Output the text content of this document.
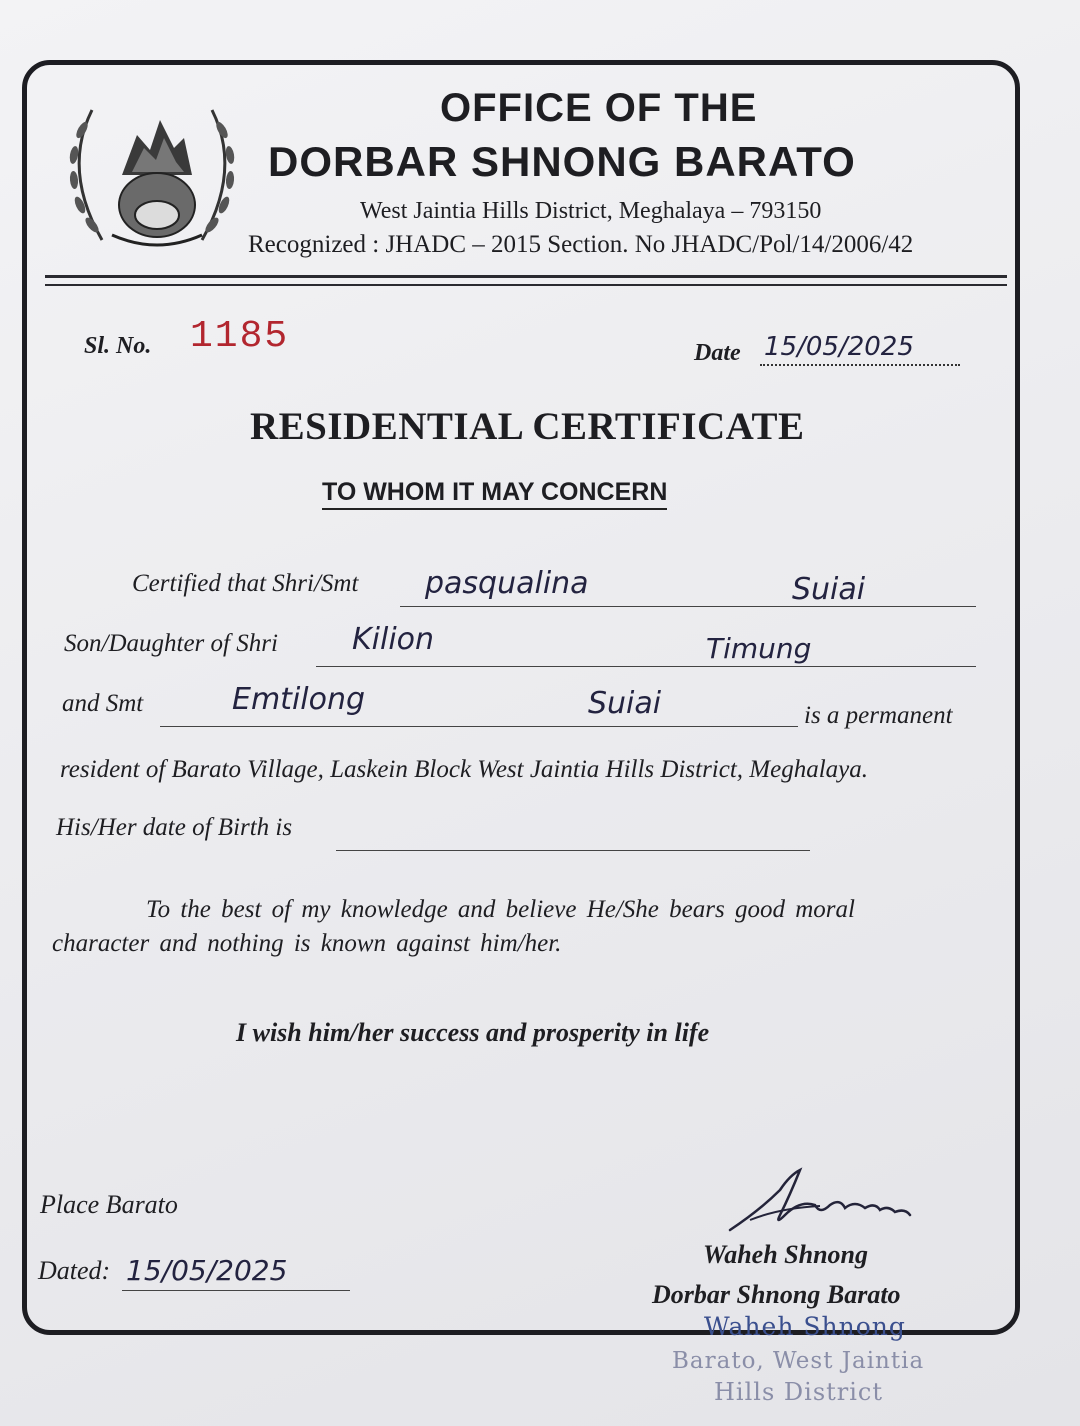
OFFICE OF THE
DORBAR SHNONG BARATO
West Jaintia Hills District, Meghalaya – 793150
Recognized : JHADC – 2015 Section. No JHADC/Pol/14/2006/42
Sl. No. 1185	Date 15/05/2025
RESIDENTIAL CERTIFICATE
TO WHOM IT MAY CONCERN
Certified that Shri/Smt pasqualina	Suiai
Son/Daughter of Shri Kilion	Timung
and Smt	Emtilong	Suiai	is a permanent
resident of Barato Village, Laskein Block West Jaintia Hills District, Meghalaya.
His/Her date of Birth is
To the best of my knowledge and believe He/She bears good moral
character and nothing is known against him/her.
I wish him/her success and prosperity in life
Place Barato
Dated: 15/05/2025	Waheh Shnong
Dorbar Shnong Barato
Waheh Shnong
Barato, West Jaintia
Hills District
